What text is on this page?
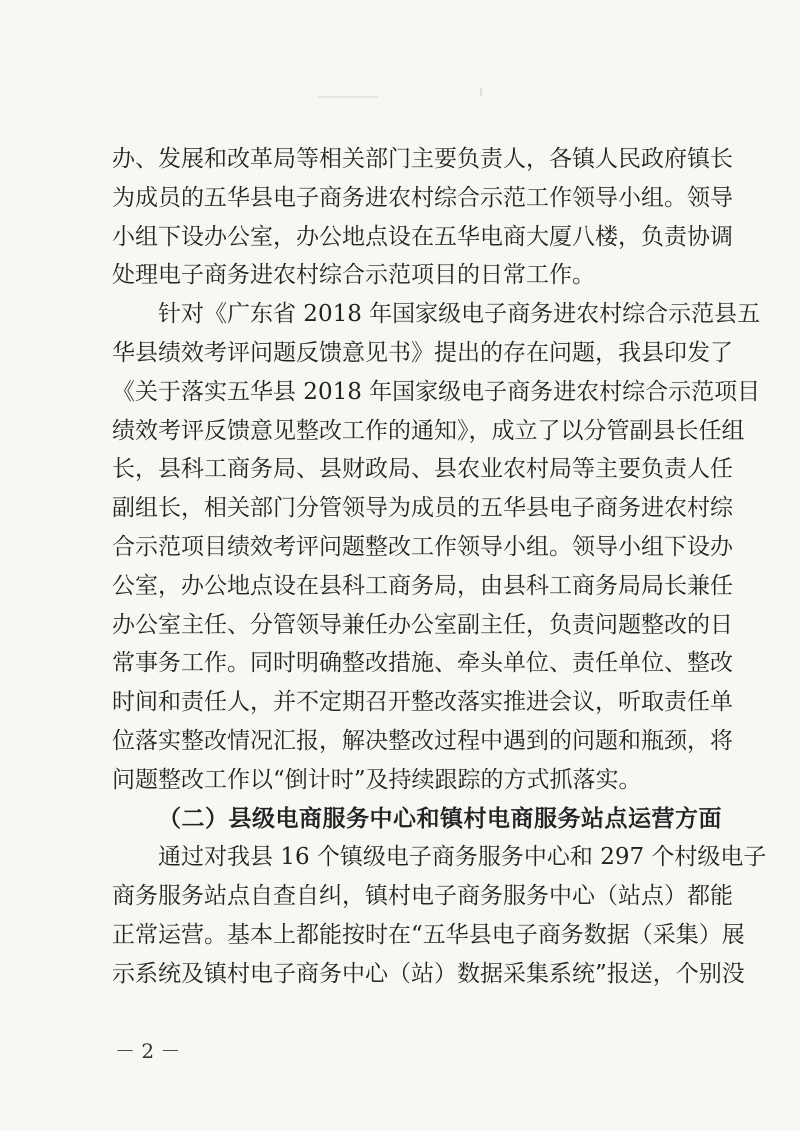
办、发展和改革局等相关部门主要负责人，各镇人民政府镇长
为成员的五华县电子商务进农村综合示范工作领导小组。领导
小组下设办公室，办公地点设在五华电商大厦八楼，负责协调
处理电子商务进农村综合示范项目的日常工作。
针对《广东省 2018 年国家级电子商务进农村综合示范县五
华县绩效考评问题反馈意见书》提出的存在问题，我县印发了
《关于落实五华县 2018 年国家级电子商务进农村综合示范项目
绩效考评反馈意见整改工作的通知》，成立了以分管副县长任组
长，县科工商务局、县财政局、县农业农村局等主要负责人任
副组长，相关部门分管领导为成员的五华县电子商务进农村综
合示范项目绩效考评问题整改工作领导小组。领导小组下设办
公室，办公地点设在县科工商务局，由县科工商务局局长兼任
办公室主任、分管领导兼任办公室副主任，负责问题整改的日
常事务工作。同时明确整改措施、牵头单位、责任单位、整改
时间和责任人，并不定期召开整改落实推进会议，听取责任单
位落实整改情况汇报，解决整改过程中遇到的问题和瓶颈，将
问题整改工作以“倒计时”及持续跟踪的方式抓落实。
（二）县级电商服务中心和镇村电商服务站点运营方面
通过对我县 16 个镇级电子商务服务中心和 297 个村级电子
商务服务站点自查自纠，镇村电子商务服务中心（站点）都能
正常运营。基本上都能按时在“五华县电子商务数据（采集）展
示系统及镇村电子商务中心（站）数据采集系统”报送，个别没
－ 2 －
